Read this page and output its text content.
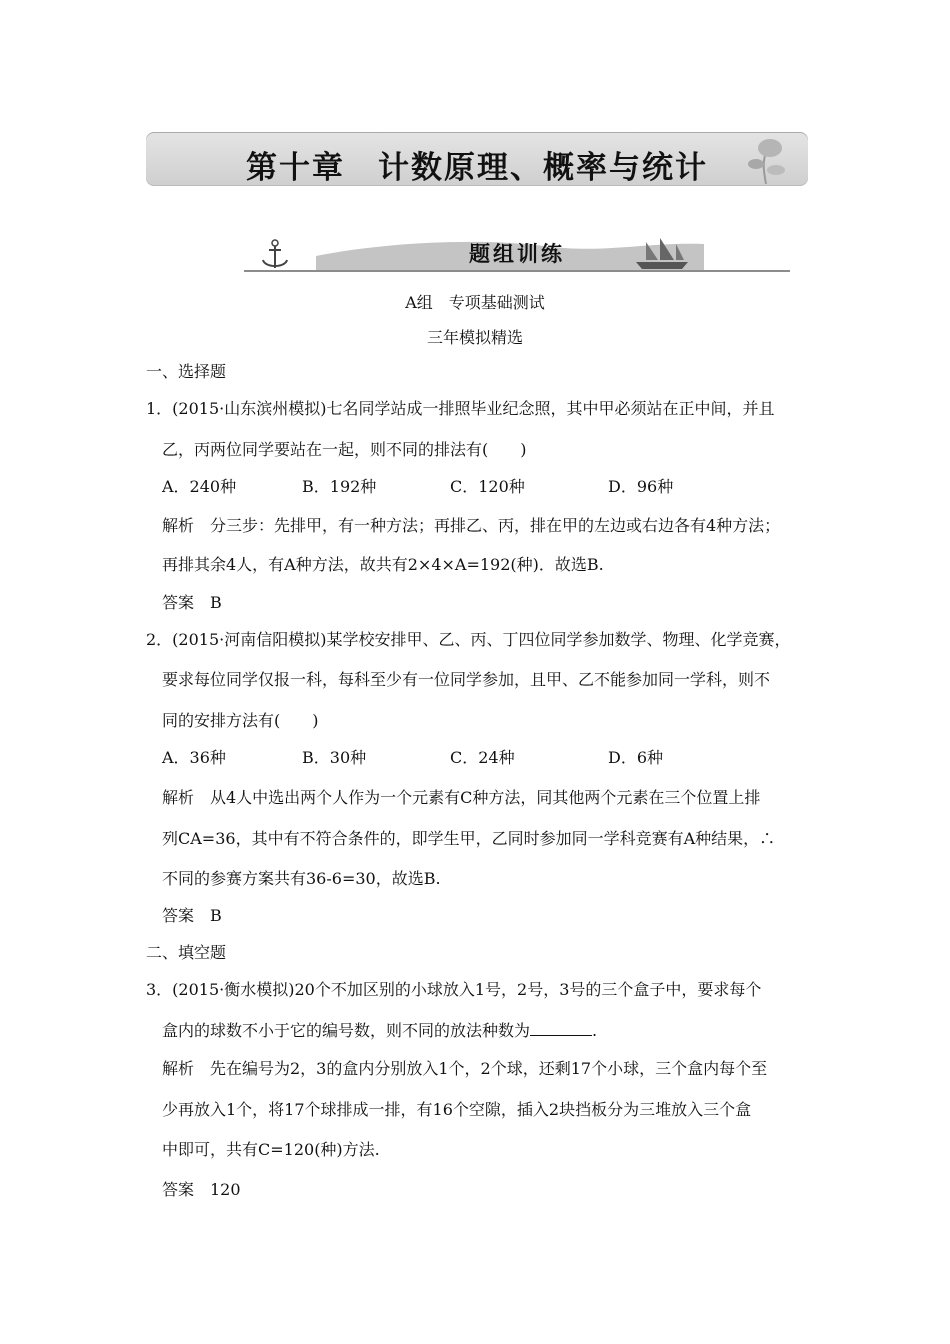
第十章　计数原理、概率与统计
题组训练
A组　专项基础测试
三年模拟精选
一、选择题
1．(2015·山东滨州模拟)七名同学站成一排照毕业纪念照，其中甲必须站在正中间，并且
乙，丙两位同学要站在一起，则不同的排法有(　　)
A．240种	B．192种	C．120种	D．96种
解析　分三步：先排甲，有一种方法；再排乙、丙，排在甲的左边或右边各有4种方法；
再排其余4人，有A种方法，故共有2×4×A=192(种)．故选B.
答案　B
2．(2015·河南信阳模拟)某学校安排甲、乙、丙、丁四位同学参加数学、物理、化学竞赛，
要求每位同学仅报一科，每科至少有一位同学参加，且甲、乙不能参加同一学科，则不
同的安排方法有(　　)
A．36种	B．30种	C．24种	D．6种
解析　从4人中选出两个人作为一个元素有C种方法，同其他两个元素在三个位置上排
列CA=36，其中有不符合条件的，即学生甲，乙同时参加同一学科竞赛有A种结果，∴
不同的参赛方案共有36-6=30，故选B.
答案　B
二、填空题
3．(2015·衡水模拟)20个不加区别的小球放入1号，2号，3号的三个盒子中，要求每个
盒内的球数不小于它的编号数，则不同的放法种数为	.
解析　先在编号为2，3的盒内分别放入1个，2个球，还剩17个小球，三个盒内每个至
少再放入1个，将17个球排成一排，有16个空隙，插入2块挡板分为三堆放入三个盒
中即可，共有C=120(种)方法.
答案　120
